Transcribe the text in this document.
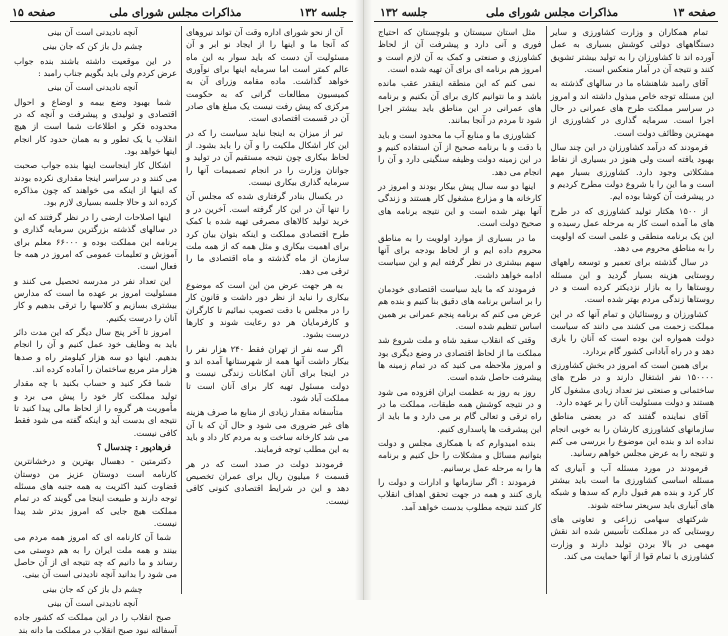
جلسه ۱۳۲
مذاکرات مجلس شورای ملی
صفحه ۱۵

آن از نحو شورای اداره وقت آن تواند نیروهای که آنجا ما و اینها را از ایجاد نو ابر و آن مسئولیت آن دست که باید سوار به این ماه عالم کمتر است اما سرمایه اینها برای نوآوری خواهد گذاشت. ماده مقامه وزرای آن به کمیسیون مطالعات گرانی که به حکومت مرکزی که پیش رفت نیست یک مبلغ های صادر آن در قسمت اقتصادی است.

تیر از میزان به اینجا نباید سیاست را که در این کار اشکال ملکیت را و آن را باید بشود. از لحاظ بیکاری چون نتیجه مستقیم آن در تولید و جوانان وزارت را در انجام تصمیمات آنها را سرمایه گذاری بیکاری نیست.

در یکسال بنادر گرفتاری شده که مجلس آن را تنها آن در این کار گرفته است. آخرین در و خرید تولید کالاهای مصرفی تهیه شده با کمک طرح اقتصادی مملکت و اینکه بتوان بیان کرد برای اهمیت بیکاری و مثل همه که از همه ملت سازمان از ماه گذشته و ماه اقتصادی ما را ترقی می دهد.

به هر جهت عرض من این است که موضوع بیکاری را نباید از نظر دور داشت و قانون کار را در مجلس با دقت تصویب نمائیم تا کارگران و کارفرمایان هر دو رعایت شوند و کارها درست بشود.

اگر سه نفر از تهران فقط ۲۴۰ هزار نفر را بیکار داشت آنها همه از شهرستانها آمده اند و در اینجا برای آنان امکانات زندگی نیست و دولت مسئول تهیه کار برای آنان است تا مملکت آباد شود.

متأسفانه مقدار زیادی از منابع ما صرف هزینه های غیر ضروری می شود و حال آن که با آن می شد کارخانه ساخت و به مردم کار داد و باید به این مطلب توجه فرمایند.

فرمودند دولت در صدد است که در هر قسمت ۶ میلیون ریال برای عمران تخصیص دهد و این در شرایط اقتصادی کنونی کافی نیست.

آنچه نادیدنی است آن بینی

چشم دل باز کن که جان بینی

در این موقعیت داشته باشند بنده جواب عرض کردم ولی باید بگویم جناب رامبد :

آنچه نادیدنی است آن بینی

شما بهبود وضع بیمه و اوضاع و احوال اقتصادی و تولیدی و پیشرفت و آنچه که در محدوده فکر و اطلاعات شما است از هیچ انقلاب یا یک تطور و به همان حدود کار انجام اینها خواهد بود.

اشکال کار اینجاست اینها بنده جواب صحبت می کنند و در سراسر اینجا مقداری نکرده بودند که اینها از اینکه می خواهند که چون مذاکره کرده اند و حالا جلسه بسیاری لازم بود.

اینها اصلاحات ارضی را در نظر گرفتند که این در سالهای گذشته بزرگترین سرمایه گذاری و برنامه این مملکت بوده و ۶۶۰۰۰ معلم برای آموزش و تعلیمات عمومی که امروز در همه جا فعال است.

این تعداد نفر در مدرسه تحصیل می کنند و مسئولیت امروز بر عهده ما است که مدارس بیشتری بسازیم و کلاسها را ترقی بدهیم و کار آنان را درست بکنیم.

امروز تا آخر پنج سال دیگر که این مدت دائر باید به وظایف خود عمل کنیم و آن را انجام بدهیم. اینها دو سه هزار کیلومتر راه و صدها هزار متر مربع ساختمان را آماده کرده اند.

شما فکر کنید و حساب بکنید با چه مقدار تولید مملکت کار خود را پیش می برد و مأموریت هر گروه را از لحاظ مالی پیدا کنید تا نتیجه ای بدست آید و اینکه گفته می شود فقط کافی نیست.

فرهادپور : چندسال ؟

دکترمتین - دهسال بهترین و درخشانترین کارنامه است دوستان عزیز من دوستان قضاوت کنید اکثریت به همه جنبه های مسئله توجه دارند و طبیعت اینجا می گویند که در تمام مملکت هیچ جایی که امروز بدتر شد پیدا نیست.

شما آن کارنامه ای که امروز همه مردم می بینند و همه ملت ایران را به هم دوستی می رساند و ما دانیم که چه نتیجه ای از آن حاصل می شود را بدانید آنچه نادیدنی است آن بینی.

چشم دل باز کن که جان بینی

آنچه نادیدنی است آن بینی

صبح انقلاب را در این مملکت که کشور جاده آسفالته نبود صبح انقلاب در مملکت ما دانه بند

صفحه ۱۳
مذاکرات مجلس شورای ملی
جلسه ۱۳۲

تمام همکاران و وزارت کشاورزی و سایر دستگاههای دولتی کوشش بسیاری به عمل آورده اند تا کشاورزان را به تولید بیشتر تشویق کنند و نتیجه آن در آمار منعکس است.

آقای رامبد شاهنشاه ما در سالهای گذشته به این مسئله توجه خاص مبذول داشته اند و امروز در سراسر مملکت طرح های عمرانی در حال اجرا است. سرمایه گذاری در کشاورزی از مهمترین وظائف دولت است.

فرمودند که درآمد کشاورزان در این چند سال بهبود یافته است ولی هنوز در بسیاری از نقاط مشکلاتی وجود دارد. کشاورزی بسیار مهم است و ما این را با شروع دولت مطرح کردیم و در پیشرفت آن کوشا بوده ایم.

از ۱۵۰۰ هکتار تولید کشاورزی که در طرح های ما آمده است کار به مرحله عمل رسیده و این یک برنامه منطقی و علمی است که اولویت را به مناطق محروم می دهد.

در سال گذشته برای تعمیر و توسعه راههای روستایی هزینه بسیار گردید و این مسئله روستاها را به بازار نزدیکتر کرده است و در روستاها زندگی مردم بهتر شده است.

کشاورزان و روستائیان و تمام آنها که در این مملکت زحمت می کشند می دانند که سیاست دولت همواره این بوده است که آنان را یاری دهد و در راه آبادانی کشور گام بردارد.

برای همین است که امروز در بخش کشاورزی ۱۵۰۰۰۰ نفر اشتغال دارند و در طرح های ساختمانی و صنعتی نیز تعداد زیادی مشغول کار هستند و دولت مسئولیت آنان را بر عهده دارد.

آقای نماینده گفتند که در بعضی مناطق سازمانهای کشاورزی کارشان را به خوبی انجام نداده اند و بنده این موضوع را بررسی می کنم و نتیجه را به عرض مجلس خواهم رسانید.

فرمودند در مورد مسئله آب و آبیاری که مسئله اساسی کشاورزی ما است باید بیشتر کار کرد و بنده هم قبول دارم که سدها و شبکه های آبیاری باید سریعتر ساخته شوند.

شرکتهای سهامی زراعی و تعاونی های روستایی که در مملکت تأسیس شده اند نقش مهمی در بالا بردن تولید دارند و وزارت کشاورزی با تمام قوا از آنها حمایت می کند.

مثل استان سیستان و بلوچستان که احتیاج فوری و آنی دارد و پیشرفت آن از لحاظ کشاورزی و صنعتی و کمک به آن لازم است و امروز هم برنامه ای برای آن تهیه شده است.

نمی کنم که این منطقه اینقدر عقب مانده باشد و ما نتوانیم کاری برای آن بکنیم و برنامه های عمرانی در این مناطق باید بیشتر اجرا شود تا مردم در آنجا بمانند.

کشاورزی ما و منابع آب ما محدود است و باید با دقت و با برنامه صحیح از آن استفاده کنیم و در این زمینه دولت وظیفه سنگینی دارد و آن را انجام می دهد.

اینها دو سه سال پیش بیکار بودند و امروز در کارخانه ها و مزارع مشغول کار هستند و زندگی آنها بهتر شده است و این نتیجه برنامه های صحیح دولت است.

ما در بسیاری از موارد اولویت را به مناطق محروم داده ایم و از لحاظ بودجه برای آنها سهم بیشتری در نظر گرفته ایم و این سیاست ادامه خواهد داشت.

فرمودند که ما باید سیاست اقتصادی خودمان را بر اساس برنامه های دقیق بنا کنیم و بنده هم عرض می کنم که برنامه پنجم عمرانی بر همین اساس تنظیم شده است.

وقتی که انقلاب سفید شاه و ملت شروع شد مملکت ما از لحاظ اقتصادی در وضع دیگری بود و امروز ملاحظه می کنید که در تمام زمینه ها پیشرفت حاصل شده است.

روز به روز به عظمت ایران افزوده می شود و در نتیجه کوشش همه طبقات، مملکت ما در راه ترقی و تعالی گام بر می دارد و ما باید از این پیشرفت ها پاسداری کنیم.

بنده امیدوارم که با همکاری مجلس و دولت بتوانیم مسائل و مشکلات را حل کنیم و برنامه ها را به مرحله عمل برسانیم.

فرمودند : اگر سازمانها و ادارات و دولت را یاری کنند و همه در جهت تحقق اهداف انقلاب کار کنند نتیجه مطلوب بدست خواهد آمد.
